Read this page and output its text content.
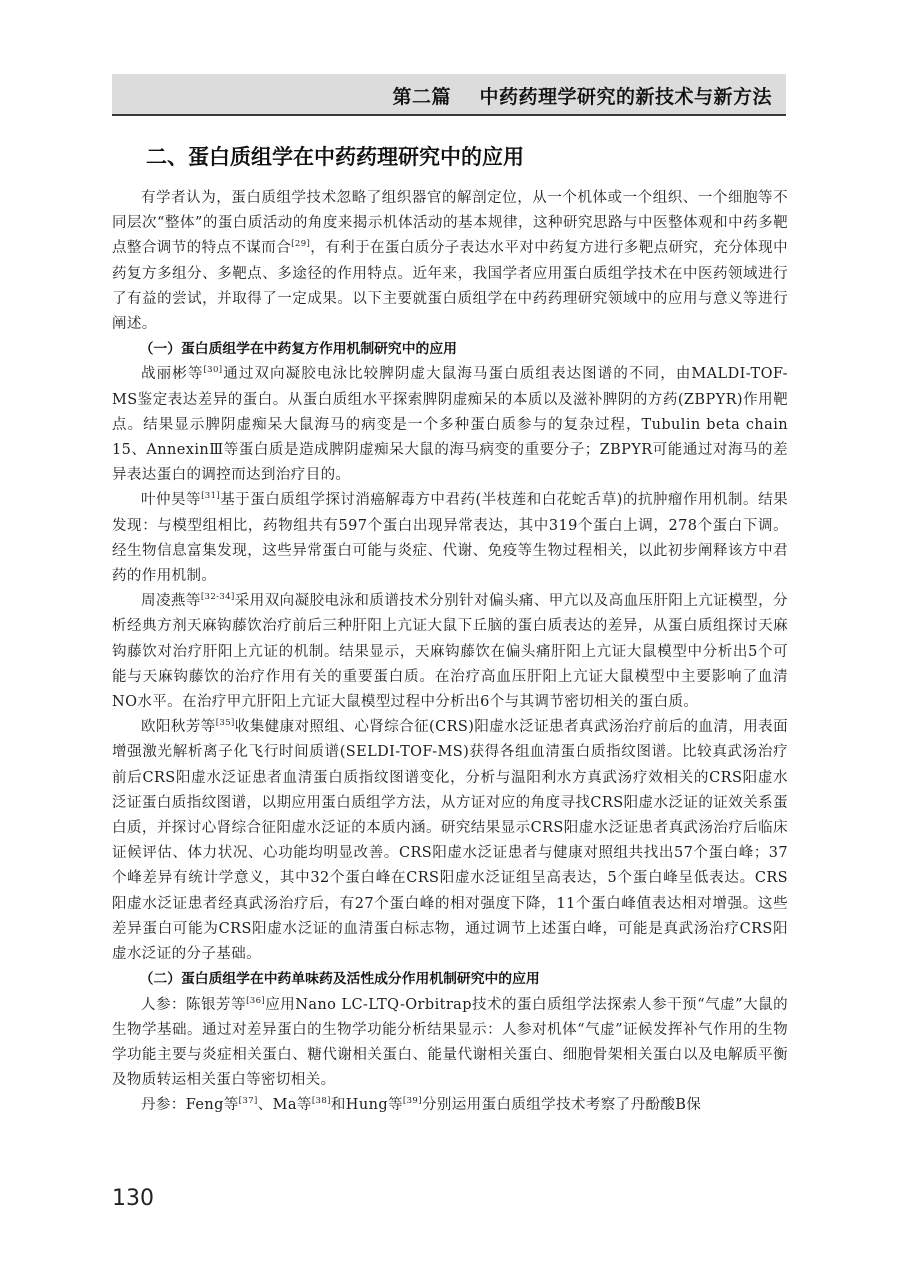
第二篇    中药药理学研究的新技术与新方法
二、蛋白质组学在中药药理研究中的应用

有学者认为，蛋白质组学技术忽略了组织器官的解剖定位，从一个机体或一个组织、一个细胞等不同层次“整体”的蛋白质活动的角度来揭示机体活动的基本规律，这种研究思路与中医整体观和中药多靶点整合调节的特点不谋而合[29]，有利于在蛋白质分子表达水平对中药复方进行多靶点研究，充分体现中药复方多组分、多靶点、多途径的作用特点。近年来，我国学者应用蛋白质组学技术在中医药领域进行了有益的尝试，并取得了一定成果。以下主要就蛋白质组学在中药药理研究领域中的应用与意义等进行阐述。

（一）蛋白质组学在中药复方作用机制研究中的应用

战丽彬等[30]通过双向凝胶电泳比较脾阴虚大鼠海马蛋白质组表达图谱的不同，由MALDI-TOF-MS鉴定表达差异的蛋白。从蛋白质组水平探索脾阴虚痴呆的本质以及滋补脾阴的方药(ZBPYR)作用靶点。结果显示脾阴虚痴呆大鼠海马的病变是一个多种蛋白质参与的复杂过程，Tubulin beta chain 15、AnnexinⅢ等蛋白质是造成脾阴虚痴呆大鼠的海马病变的重要分子；ZBPYR可能通过对海马的差异表达蛋白的调控而达到治疗目的。

叶仲昊等[31]基于蛋白质组学探讨消癌解毒方中君药(半枝莲和白花蛇舌草)的抗肿瘤作用机制。结果发现：与模型组相比，药物组共有597个蛋白出现异常表达，其中319个蛋白上调，278个蛋白下调。经生物信息富集发现，这些异常蛋白可能与炎症、代谢、免疫等生物过程相关，以此初步阐释该方中君药的作用机制。

周凌燕等[32-34]采用双向凝胶电泳和质谱技术分别针对偏头痛、甲亢以及高血压肝阳上亢证模型，分析经典方剂天麻钩藤饮治疗前后三种肝阳上亢证大鼠下丘脑的蛋白质表达的差异，从蛋白质组探讨天麻钩藤饮对治疗肝阳上亢证的机制。结果显示，天麻钩藤饮在偏头痛肝阳上亢证大鼠模型中分析出5个可能与天麻钩藤饮的治疗作用有关的重要蛋白质。在治疗高血压肝阳上亢证大鼠模型中主要影响了血清NO水平。在治疗甲亢肝阳上亢证大鼠模型过程中分析出6个与其调节密切相关的蛋白质。

欧阳秋芳等[35]收集健康对照组、心肾综合征(CRS)阳虚水泛证患者真武汤治疗前后的血清，用表面增强激光解析离子化飞行时间质谱(SELDI-TOF-MS)获得各组血清蛋白质指纹图谱。比较真武汤治疗前后CRS阳虚水泛证患者血清蛋白质指纹图谱变化，分析与温阳利水方真武汤疗效相关的CRS阳虚水泛证蛋白质指纹图谱，以期应用蛋白质组学方法，从方证对应的角度寻找CRS阳虚水泛证的证效关系蛋白质，并探讨心肾综合征阳虚水泛证的本质内涵。研究结果显示CRS阳虚水泛证患者真武汤治疗后临床证候评估、体力状况、心功能均明显改善。CRS阳虚水泛证患者与健康对照组共找出57个蛋白峰；37个峰差异有统计学意义，其中32个蛋白峰在CRS阳虚水泛证组呈高表达，5个蛋白峰呈低表达。CRS阳虚水泛证患者经真武汤治疗后，有27个蛋白峰的相对强度下降，11个蛋白峰值表达相对增强。这些差异蛋白可能为CRS阳虚水泛证的血清蛋白标志物，通过调节上述蛋白峰，可能是真武汤治疗CRS阳虚水泛证的分子基础。

（二）蛋白质组学在中药单味药及活性成分作用机制研究中的应用

人参：陈银芳等[36]应用Nano LC-LTQ-Orbitrap技术的蛋白质组学法探索人参干预“气虚”大鼠的生物学基础。通过对差异蛋白的生物学功能分析结果显示：人参对机体“气虚”证候发挥补气作用的生物学功能主要与炎症相关蛋白、糖代谢相关蛋白、能量代谢相关蛋白、细胞骨架相关蛋白以及电解质平衡及物质转运相关蛋白等密切相关。

丹参：Feng等[37]、Ma等[38]和Hung等[39]分别运用蛋白质组学技术考察了丹酚酸B保

130
